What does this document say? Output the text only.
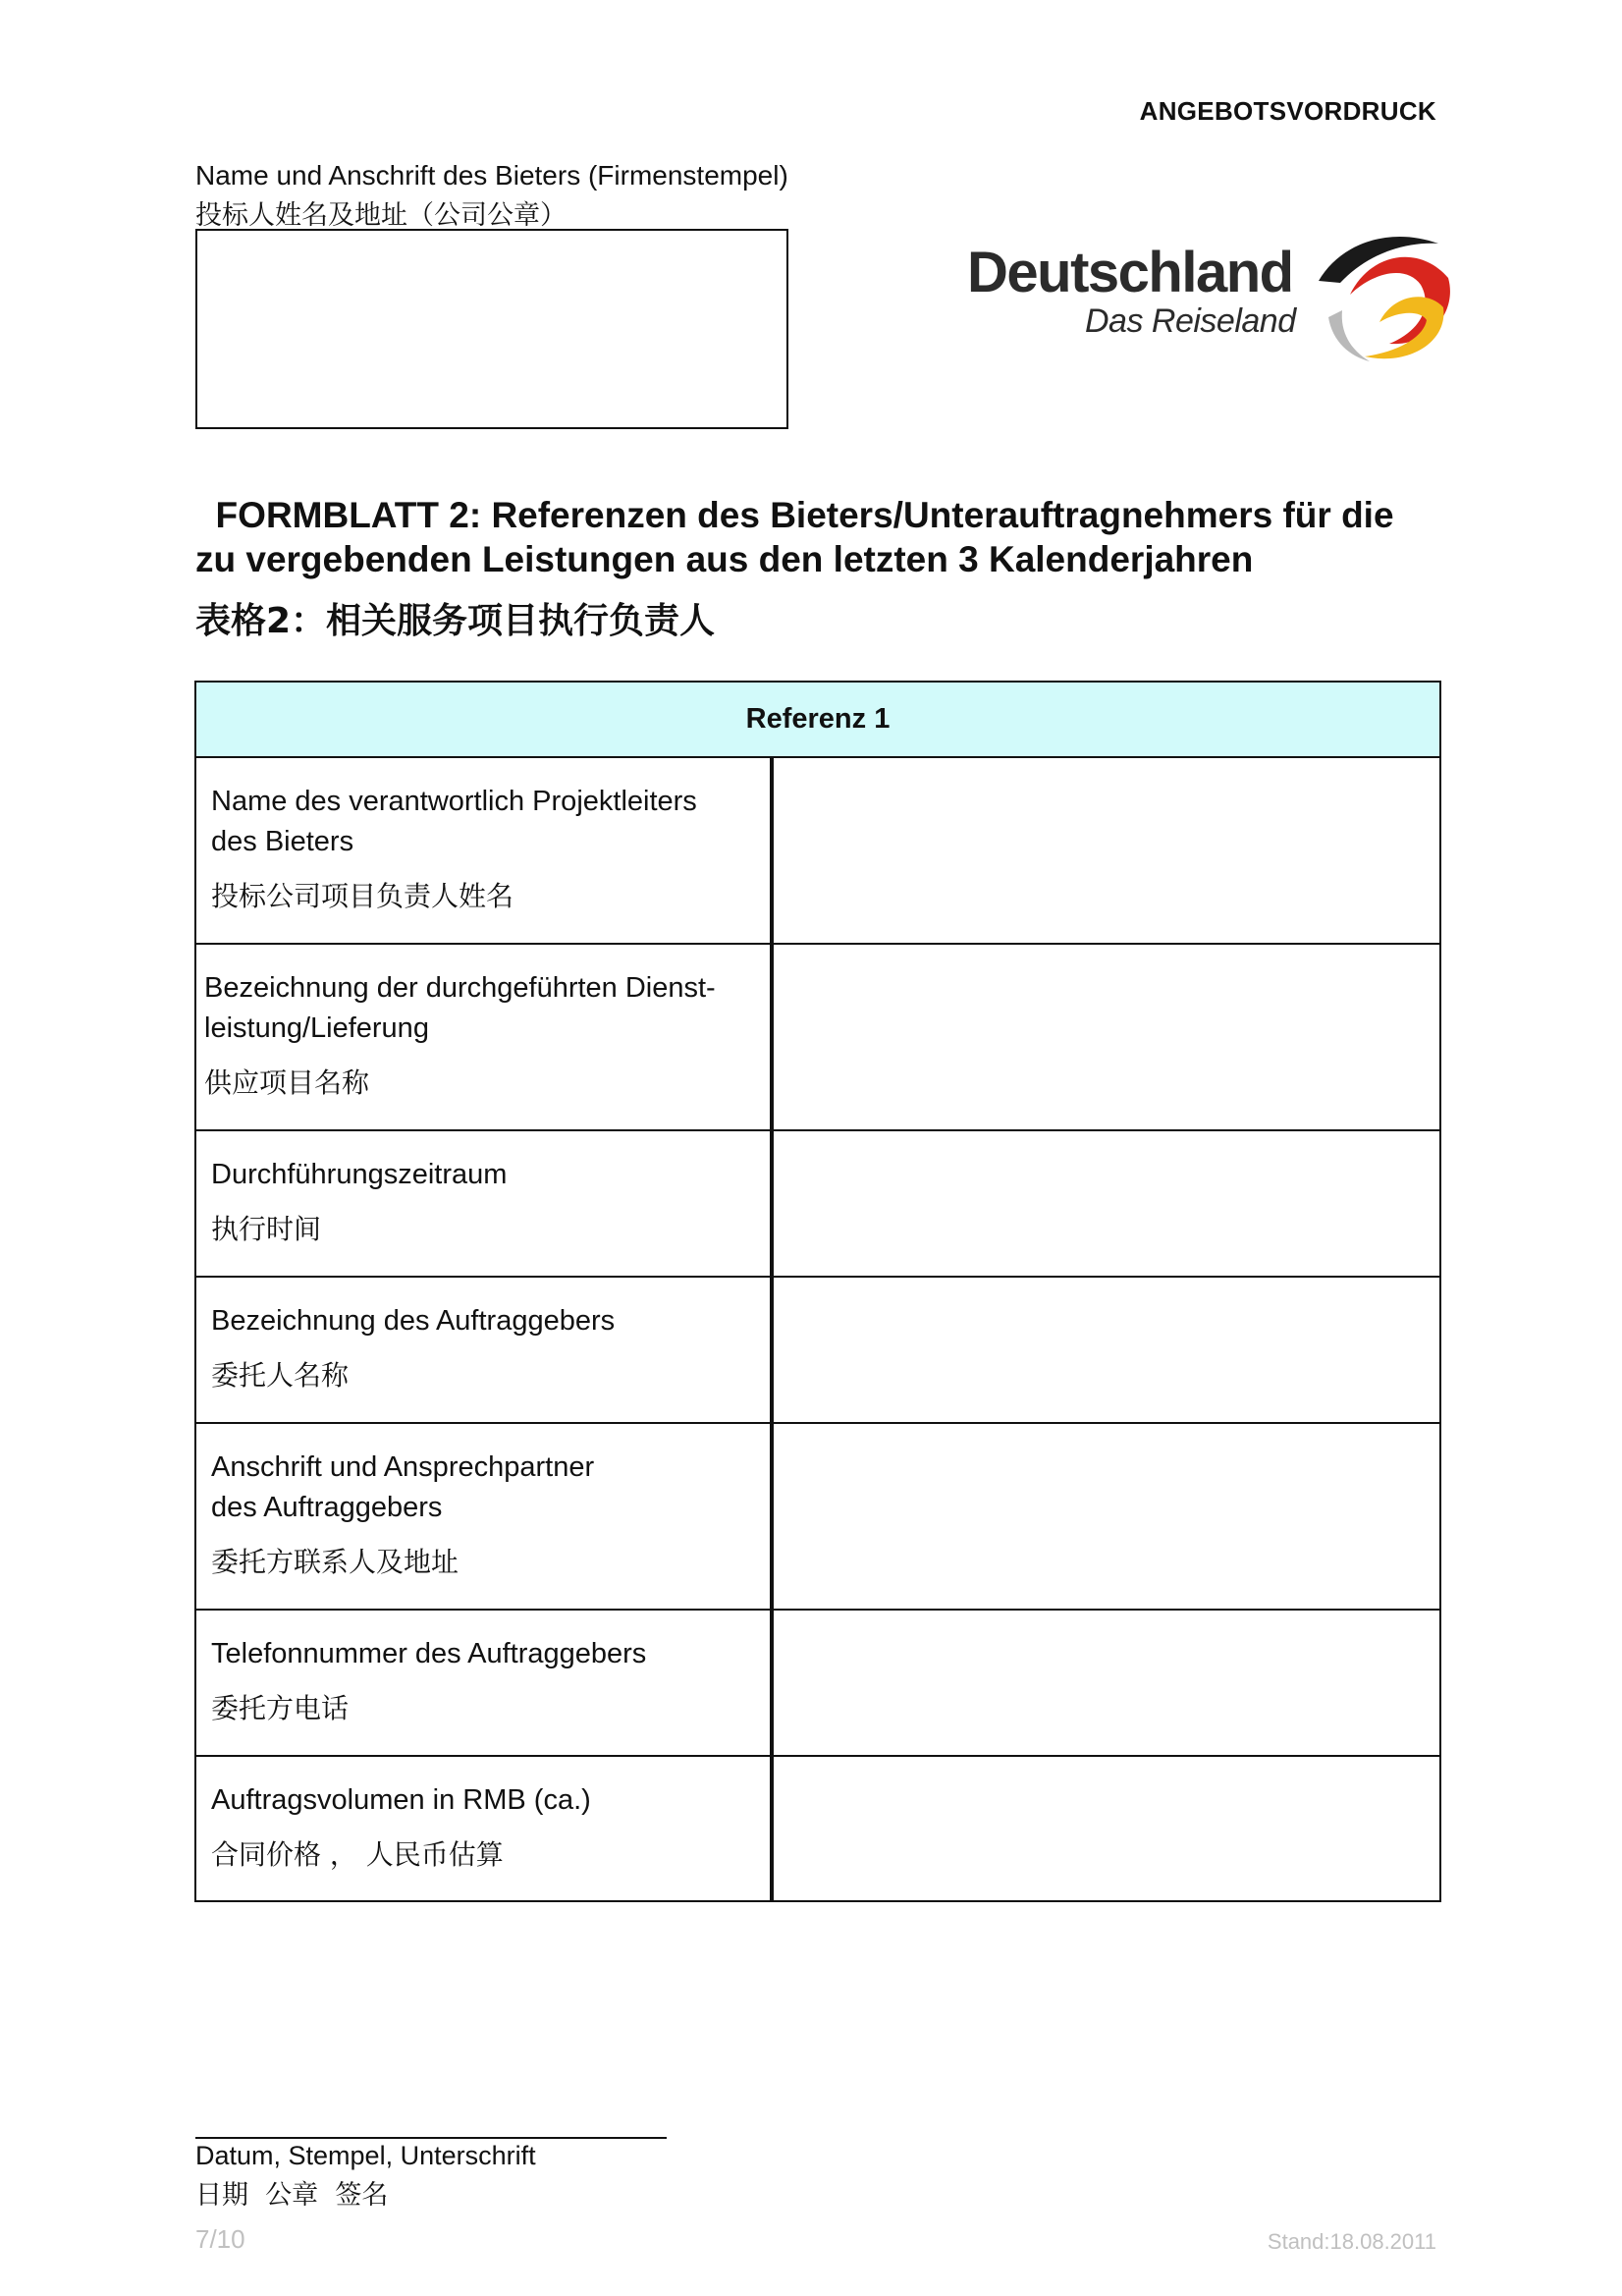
ANGEBOTSVORDRUCK
Name und Anschrift des Bieters (Firmenstempel)
投标人姓名及地址（公司公章）
Deutschland
Das Reiseland
FORMBLATT 2: Referenzen des Bieters/Unterauftragnehmers für die
zu vergebenden Leistungen aus den letzten 3 Kalenderjahren
表格2：相关服务项目执行负责人
Referenz 1
Name des verantwortlich Projektleiters
des Bieters
投标公司项目负责人姓名
Bezeichnung der durchgeführten Dienst-
leistung/Lieferung
供应项目名称
Durchführungszeitraum
执行时间
Bezeichnung des Auftraggebers
委托人名称
Anschrift und Ansprechpartner
des Auftraggebers
委托方联系人及地址
Telefonnummer des Auftraggebers
委托方电话
Auftragsvolumen in RMB (ca.)
合同价格 ， 人民币估算
Datum, Stempel, Unterschrift
日期  公章  签名
7/10	Stand:18.08.2011
